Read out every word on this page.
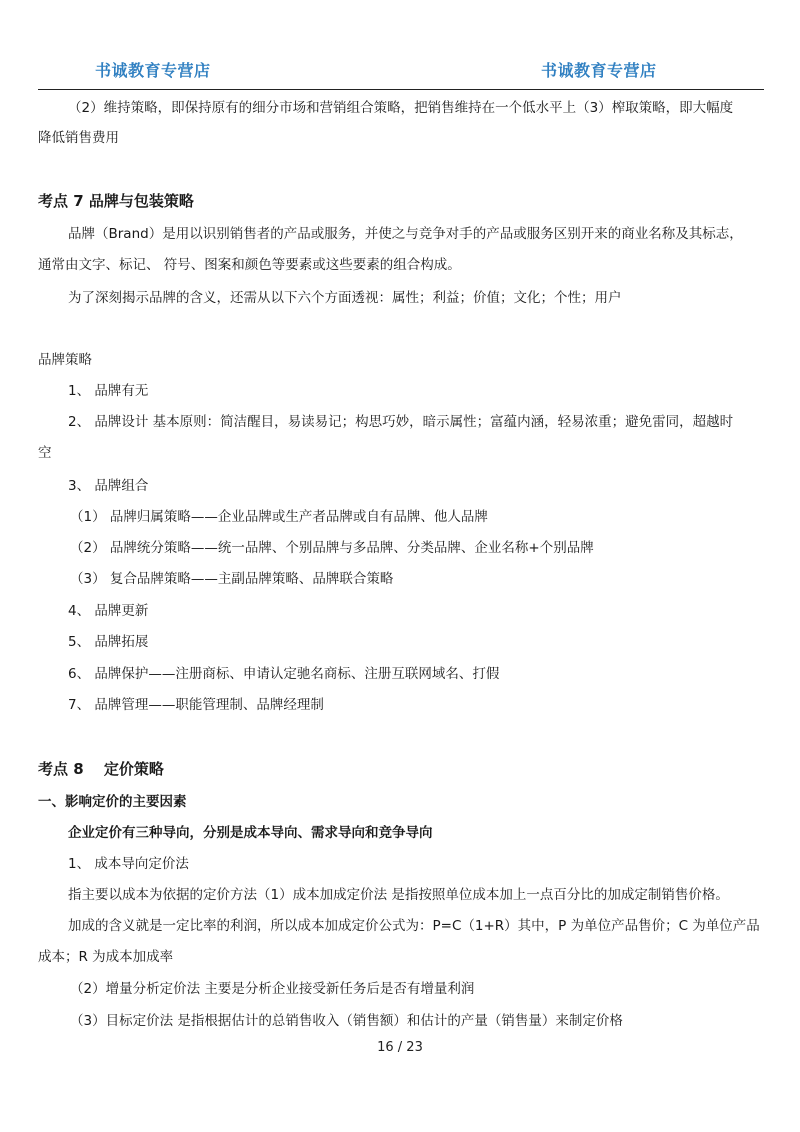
书诚教育专营店	书诚教育专营店
（2）维持策略，即保持原有的细分市场和营销组合策略，把销售维持在一个低水平上（3）榨取策略，即大幅度
降低销售费用
考点 7 品牌与包装策略
品牌（Brand）是用以识别销售者的产品或服务，并使之与竞争对手的产品或服务区别开来的商业名称及其标志，
通常由文字、标记、 符号、图案和颜色等要素或这些要素的组合构成。
为了深刻揭示品牌的含义，还需从以下六个方面透视：属性；利益；价值；文化；个性；用户
品牌策略
1、 品牌有无
2、 品牌设计 基本原则：简洁醒目，易读易记；构思巧妙，暗示属性；富蕴内涵，轻易浓重；避免雷同，超越时
空
3、 品牌组合
（1） 品牌归属策略——企业品牌或生产者品牌或自有品牌、他人品牌
（2） 品牌统分策略——统一品牌、个别品牌与多品牌、分类品牌、企业名称+个别品牌
（3） 复合品牌策略——主副品牌策略、品牌联合策略
4、 品牌更新
5、 品牌拓展
6、 品牌保护——注册商标、申请认定驰名商标、注册互联网域名、打假
7、 品牌管理——职能管理制、品牌经理制
考点 8　 定价策略
一、影响定价的主要因素
企业定价有三种导向，分别是成本导向、需求导向和竞争导向
1、 成本导向定价法
指主要以成本为依据的定价方法（1）成本加成定价法 是指按照单位成本加上一点百分比的加成定制销售价格。
加成的含义就是一定比率的利润，所以成本加成定价公式为：P=C（1+R）其中，P 为单位产品售价；C 为单位产品
成本；R 为成本加成率
（2）增量分析定价法 主要是分析企业接受新任务后是否有增量利润
（3）目标定价法 是指根据估计的总销售收入（销售额）和估计的产量（销售量）来制定价格
16 / 23
